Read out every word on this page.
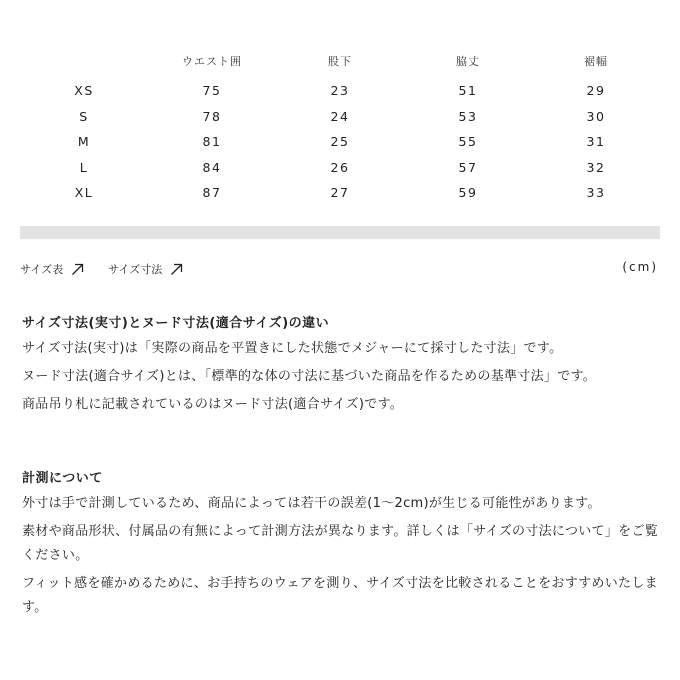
	ウエスト囲	股下	脇丈	裾幅
XS	75	23	51	29
S	78	24	53	30
M	81	25	55	31
L	84	26	57	32
XL	87	27	59	33
サイズ表	サイズ寸法	(cm)
サイズ寸法(実寸)とヌード寸法(適合サイズ)の違い

サイズ寸法(実寸)は「実際の商品を平置きにした状態でメジャーにて採寸した寸法」です。

ヌード寸法(適合サイズ)とは、「標準的な体の寸法に基づいた商品を作るための基準寸法」です。

商品吊り札に記載されているのはヌード寸法(適合サイズ)です。

計測について

外寸は手で計測しているため、商品によっては若干の誤差(1〜2cm)が生じる可能性があります。

素材や商品形状、付属品の有無によって計測方法が異なります。詳しくは「サイズの寸法について」をご覧ください。

フィット感を確かめるために、お手持ちのウェアを測り、サイズ寸法を比較されることをおすすめいたします。
